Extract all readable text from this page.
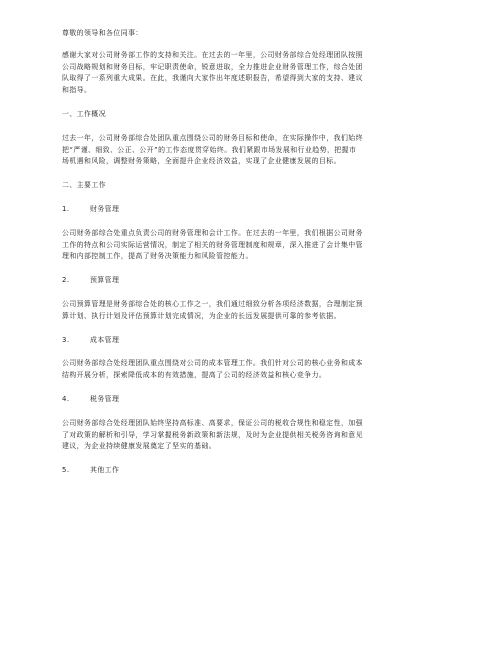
尊敬的领导和各位同事：

感谢大家对公司财务部工作的支持和关注。在过去的一年里，公司财务部综合处经理团队按照

公司战略规划和财务目标，牢记职责使命，锐意进取，全力推进企业财务管理工作，综合处团

队取得了一系列重大成果。在此，我谨向大家作出年度述职报告，希望得到大家的支持、建议

和指导。

一、工作概况

过去一年，公司财务部综合处团队重点围绕公司的财务目标和使命，在实际操作中，我们始终

把“严谨、细致、公正、公开”的工作态度贯穿始终。我们紧跟市场发展和行业趋势，把握市

场机遇和风险，调整财务策略，全面提升企业经济效益，实现了企业健康发展的目标。

二、主要工作

1.	财务管理

公司财务部综合处重点负责公司的财务管理和会计工作。在过去的一年里，我们根据公司财务

工作的特点和公司实际运营情况，制定了相关的财务管理制度和规章，深入推进了会计集中管

理和内部控制工作，提高了财务决策能力和风险管控能力。

2.	预算管理

公司预算管理是财务部综合处的核心工作之一，我们通过细致分析各项经济数据，合理制定预

算计划、执行计划及评估预算计划完成情况，为企业的长远发展提供可靠的参考依据。

3.	成本管理

公司财务部综合处经理团队重点围绕对公司的成本管理工作。我们针对公司的核心业务和成本

结构开展分析，探索降低成本的有效措施，提高了公司的经济效益和核心竞争力。

4.	税务管理

公司财务部综合处经理团队始终坚持高标准、高要求，保证公司的税收合规性和稳定性，加强

了对政策的解析和引导，学习掌握税务新政策和新法规，及时为企业提供相关税务咨询和意见

建议，为企业持续健康发展奠定了坚实的基础。

5.	其他工作
